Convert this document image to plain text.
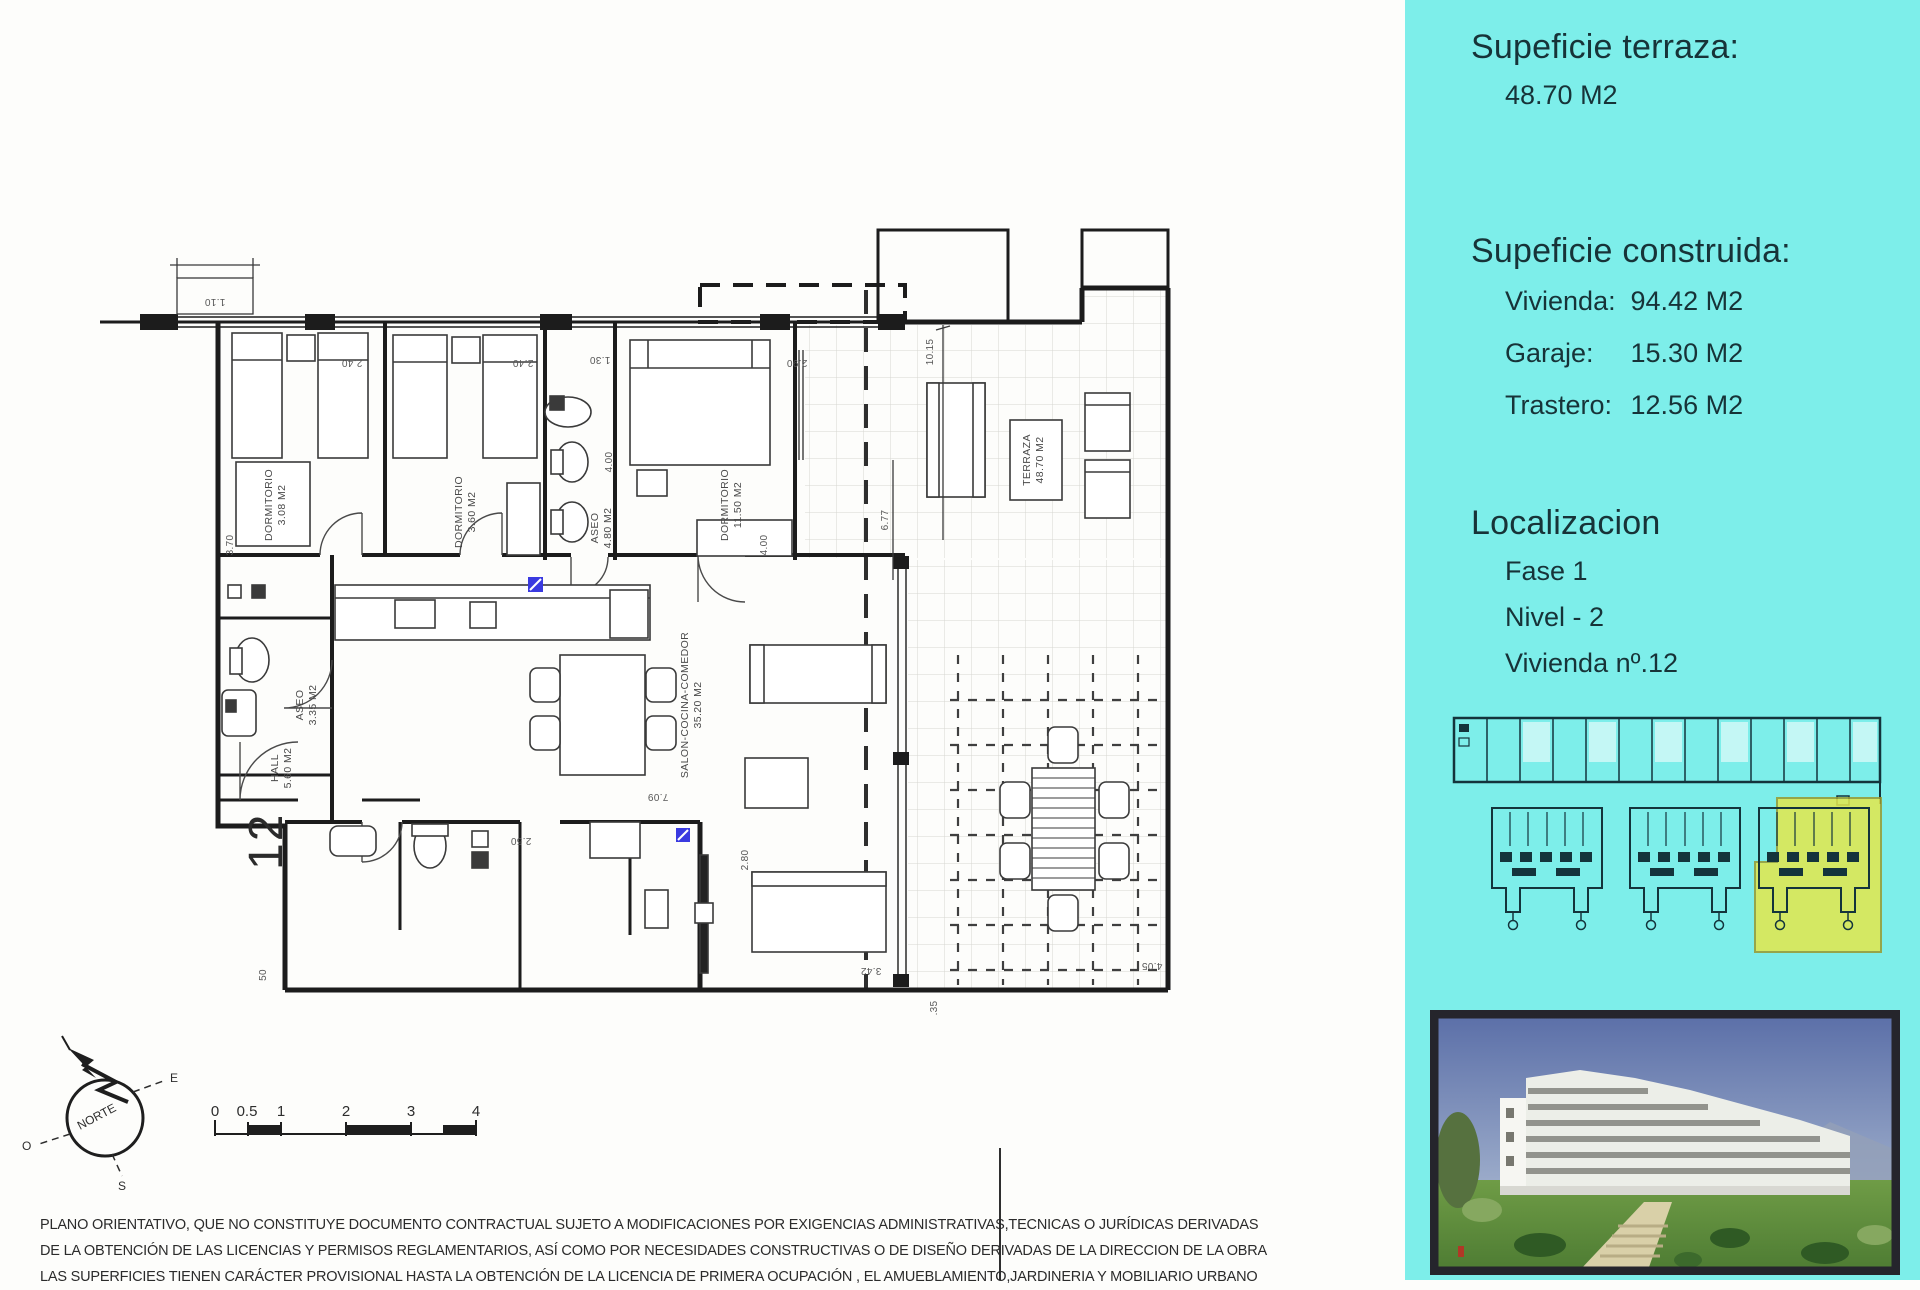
DORMITORIO3.08 M2	DORMITORIO3.60 M2	ASEO4.80 M2	DORMITORIO11.50 M2
ASEO3.35 M2
HALL5.60 M2	SALON-COCINA-COMEDOR35.20 M2
TERRAZA48.70 M2
1.10
2.40	2.40	1.30	2.90
4.00
4.00
3.70
10.15
6.77
2.50
2.80
3.42
.35
4.05
50
7.09
12
NORTE
E
O
S
0 0.5 1	2	3	4
PLANO ORIENTATIVO, QUE NO CONSTITUYE DOCUMENTO CONTRACTUAL SUJETO A MODIFICACIONES POR EXIGENCIAS ADMINISTRATIVAS,TECNICAS O JURÍDICAS DERIVADAS
DE LA OBTENCIÓN DE LAS LICENCIAS Y PERMISOS REGLAMENTARIOS, ASÍ COMO POR NECESIDADES CONSTRUCTIVAS O DE DISEÑO DERIVADAS DE LA DIRECCION DE LA OBRA
LAS SUPERFICIES TIENEN CARÁCTER PROVISIONAL HASTA LA OBTENCIÓN DE LA LICENCIA DE PRIMERA OCUPACIÓN , EL AMUEBLAMIENTO,JARDINERIA Y MOBILIARIO URBANO
Supeficie terraza:
48.70 M2
Supeficie construida:
Vivienda: 94.42 M2
Garaje: 15.30 M2
Trastero: 12.56 M2
Localizacion
Fase 1
Nivel - 2
Vivienda nº.12
